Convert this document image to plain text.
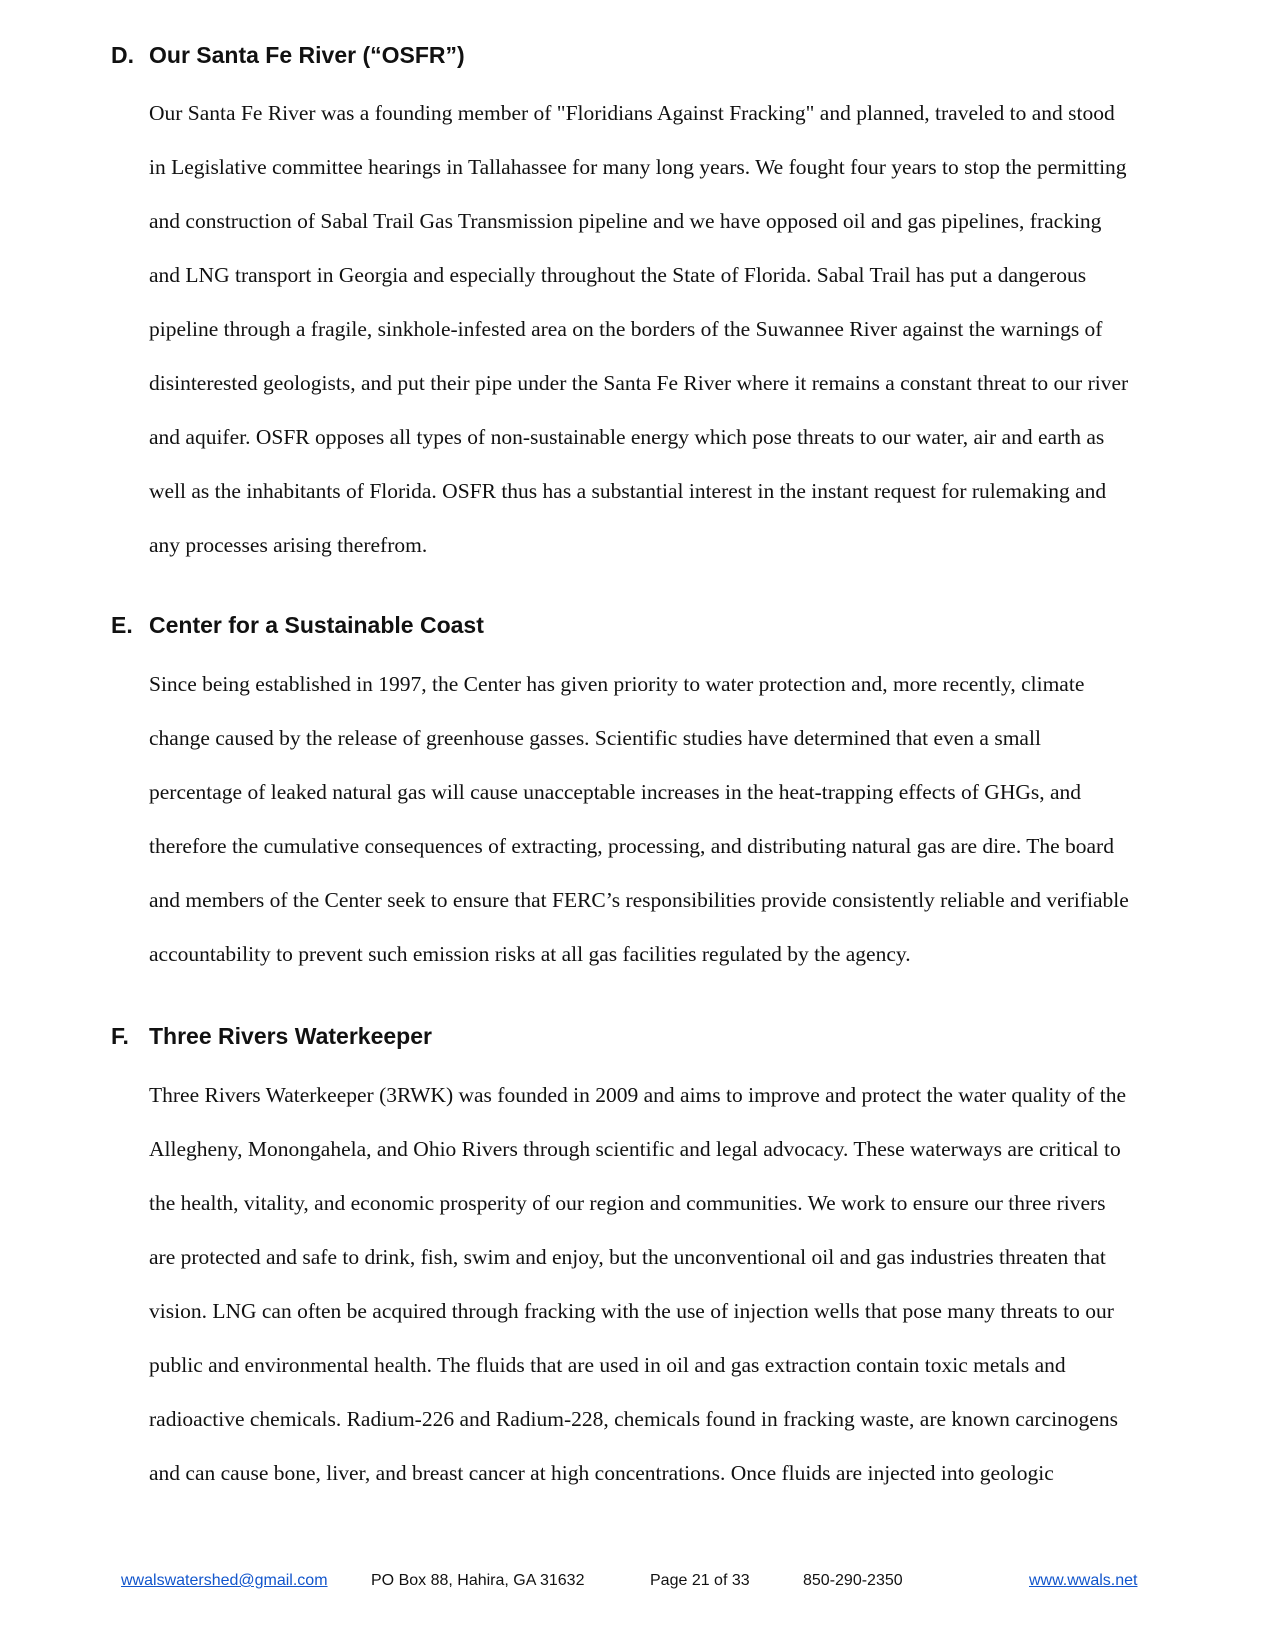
D. Our Santa Fe River (“OSFR”)
Our Santa Fe River was a founding member of "Floridians Against Fracking" and planned, traveled to and stood
in Legislative committee hearings in Tallahassee for many long years. We fought four years to stop the permitting
and construction of Sabal Trail Gas Transmission pipeline and we have opposed oil and gas pipelines, fracking
and LNG transport in Georgia and especially throughout the State of Florida. Sabal Trail has put a dangerous
pipeline through a fragile, sinkhole-infested area on the borders of the Suwannee River against the warnings of
disinterested geologists, and put their pipe under the Santa Fe River where it remains a constant threat to our river
and aquifer. OSFR opposes all types of non-sustainable energy which pose threats to our water, air and earth as
well as the inhabitants of Florida. OSFR thus has a substantial interest in the instant request for rulemaking and
any processes arising therefrom.
E. Center for a Sustainable Coast
Since being established in 1997, the Center has given priority to water protection and, more recently, climate
change caused by the release of greenhouse gasses. Scientific studies have determined that even a small
percentage of leaked natural gas will cause unacceptable increases in the heat-trapping effects of GHGs, and
therefore the cumulative consequences of extracting, processing, and distributing natural gas are dire. The board
and members of the Center seek to ensure that FERC’s responsibilities provide consistently reliable and verifiable
accountability to prevent such emission risks at all gas facilities regulated by the agency.
F. Three Rivers Waterkeeper
Three Rivers Waterkeeper (3RWK) was founded in 2009 and aims to improve and protect the water quality of the
Allegheny, Monongahela, and Ohio Rivers through scientific and legal advocacy. These waterways are critical to
the health, vitality, and economic prosperity of our region and communities. We work to ensure our three rivers
are protected and safe to drink, fish, swim and enjoy, but the unconventional oil and gas industries threaten that
vision. LNG can often be acquired through fracking with the use of injection wells that pose many threats to our
public and environmental health. The fluids that are used in oil and gas extraction contain toxic metals and
radioactive chemicals. Radium-226 and Radium-228, chemicals found in fracking waste, are known carcinogens
and can cause bone, liver, and breast cancer at high concentrations. Once fluids are injected into geologic
wwalswatershed@gmail.com	PO Box 88, Hahira, GA 31632	Page 21 of 33	850-290-2350	www.wwals.net
